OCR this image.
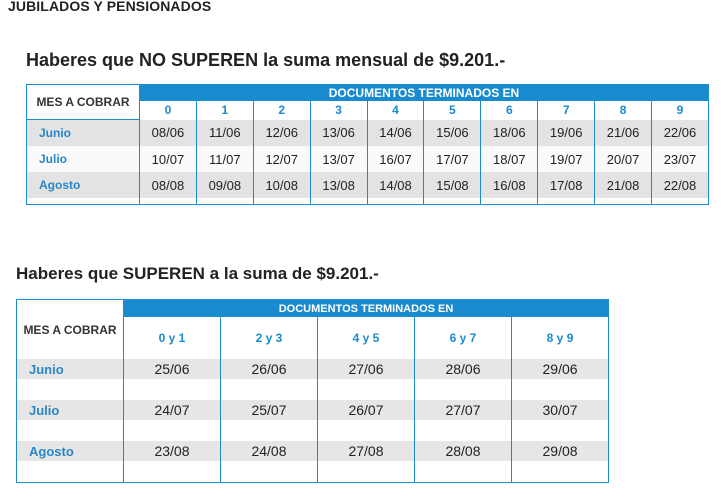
JUBILADOS Y PENSIONADOS
Haberes que NO SUPEREN la suma mensual de $9.201.-
MES A COBRAR	DOCUMENTOS TERMINADOS EN									
	0	1	2	3	4	5	6	7	8	9
Junio	08/06	11/06	12/06	13/06	14/06	15/06	18/06	19/06	21/06	22/06
Julio	10/07	11/07	12/07	13/07	16/07	17/07	18/07	19/07	20/07	23/07
Agosto	08/08	09/08	10/08	13/08	14/08	15/08	16/08	17/08	21/08	22/08

Haberes que SUPEREN a la suma de $9.201.-
MES A COBRAR	DOCUMENTOS TERMINADOS EN				
	0 y 1	2 y 3	4 y 5	6 y 7	8 y 9
Junio	25/06	26/06	27/06	28/06	29/06

Julio	24/07	25/07	26/07	27/07	30/07

Agosto	23/08	24/08	27/08	28/08	29/08
